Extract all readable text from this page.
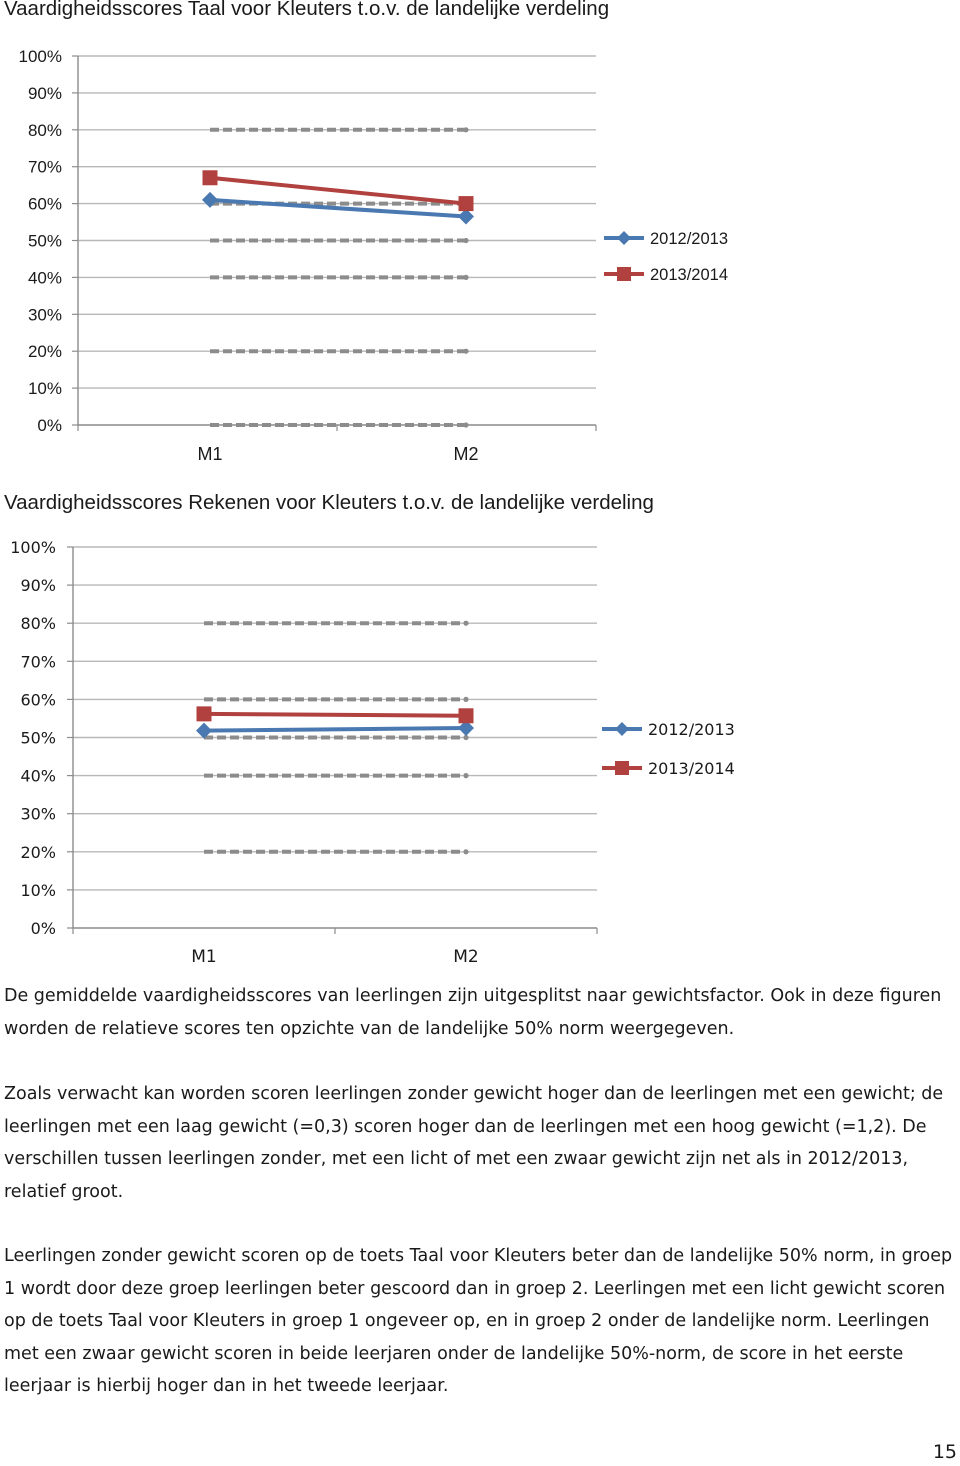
Vaardigheidsscores Taal voor Kleuters t.o.v. de landelijke verdeling
0%
10%
20%
30%
40%
50%
60%
70%
80%
90%
100%
M1	M2
2012/2013
2013/2014
Vaardigheidsscores Rekenen voor Kleuters t.o.v. de landelijke verdeling
0%
10%
20%
30%
40%
50%
60%
70%
80%
90%
100%
M1	M2
2012/2013
2013/2014

De gemiddelde vaardigheidsscores van leerlingen zijn uitgesplitst naar gewichtsfactor. Ook in deze figuren worden de relatieve scores ten opzichte van de landelijke 50% norm weergegeven.

Zoals verwacht kan worden scoren leerlingen zonder gewicht hoger dan de leerlingen met een gewicht; de leerlingen met een laag gewicht (=0,3) scoren hoger dan de leerlingen met een hoog gewicht (=1,2). De verschillen tussen leerlingen zonder, met een licht of met een zwaar gewicht zijn net als in 2012/2013, relatief groot.

Leerlingen zonder gewicht scoren op de toets Taal voor Kleuters beter dan de landelijke 50% norm, in groep 1 wordt door deze groep leerlingen beter gescoord dan in groep 2. Leerlingen met een licht gewicht scoren op de toets Taal voor Kleuters in groep 1 ongeveer op, en in groep 2 onder de landelijke norm. Leerlingen met een zwaar gewicht scoren in beide leerjaren onder de landelijke 50%-norm, de score in het eerste leerjaar is hierbij hoger dan in het tweede leerjaar.

15
